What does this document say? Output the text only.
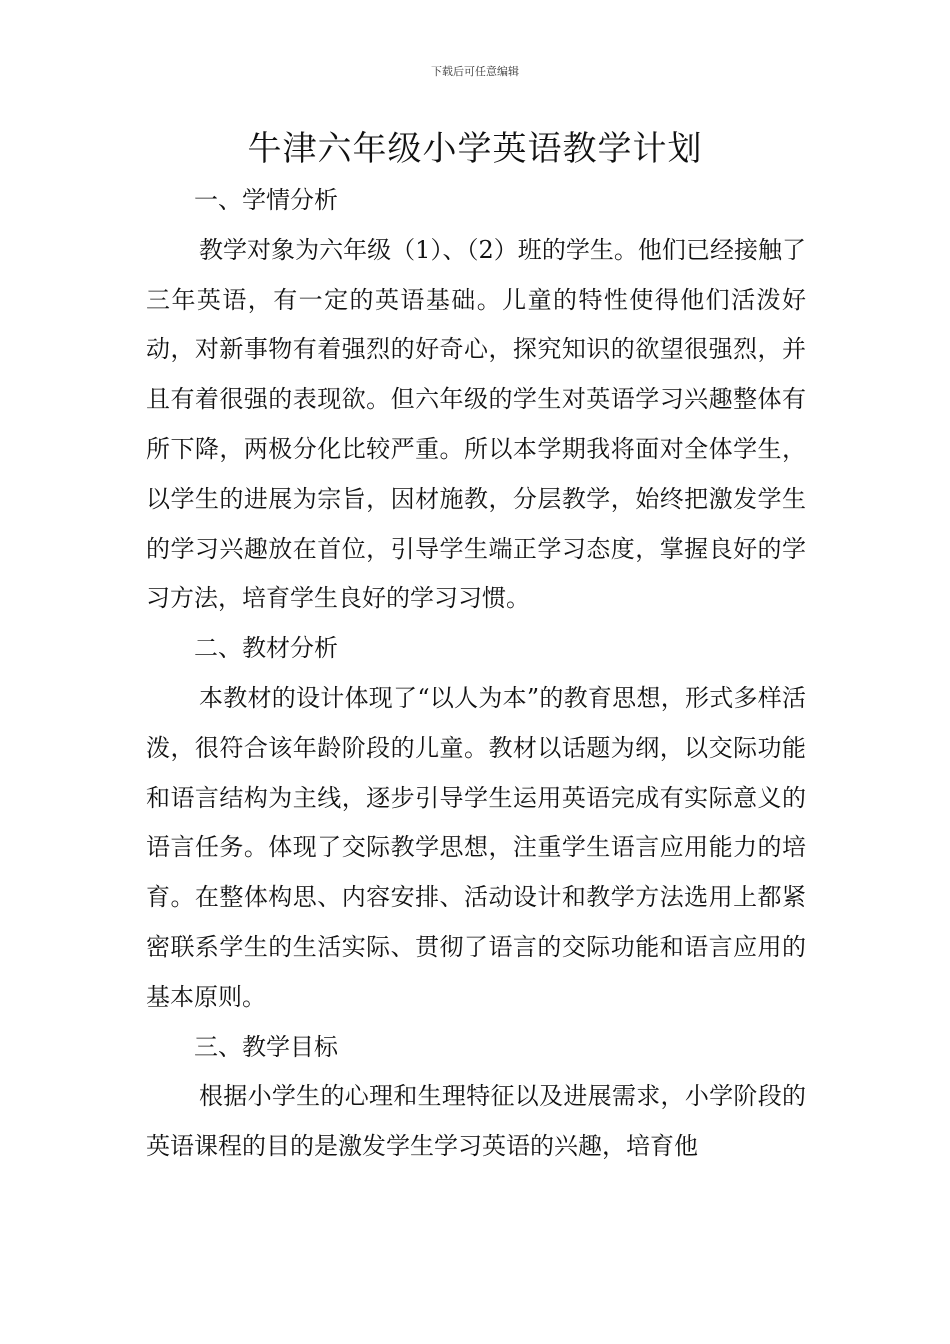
下载后可任意编辑
牛津六年级小学英语教学计划
一、学情分析

教学对象为六年级（1）、（2）班的学生。他们已经接触了三年英语，有一定的英语基础。儿童的特性使得他们活泼好动，对新事物有着强烈的好奇心，探究知识的欲望很强烈，并且有着很强的表现欲。但六年级的学生对英语学习兴趣整体有所下降，两极分化比较严重。所以本学期我将面对全体学生，以学生的进展为宗旨，因材施教，分层教学，始终把激发学生的学习兴趣放在首位，引导学生端正学习态度，掌握良好的学习方法，培育学生良好的学习习惯。

二、教材分析

本教材的设计体现了“以人为本”的教育思想，形式多样活泼，很符合该年龄阶段的儿童。教材以话题为纲，以交际功能和语言结构为主线，逐步引导学生运用英语完成有实际意义的语言任务。体现了交际教学思想，注重学生语言应用能力的培育。在整体构思、内容安排、活动设计和教学方法选用上都紧密联系学生的生活实际、贯彻了语言的交际功能和语言应用的基本原则。

三、教学目标

根据小学生的心理和生理特征以及进展需求，小学阶段的英语课程的目的是激发学生学习英语的兴趣，培育他
